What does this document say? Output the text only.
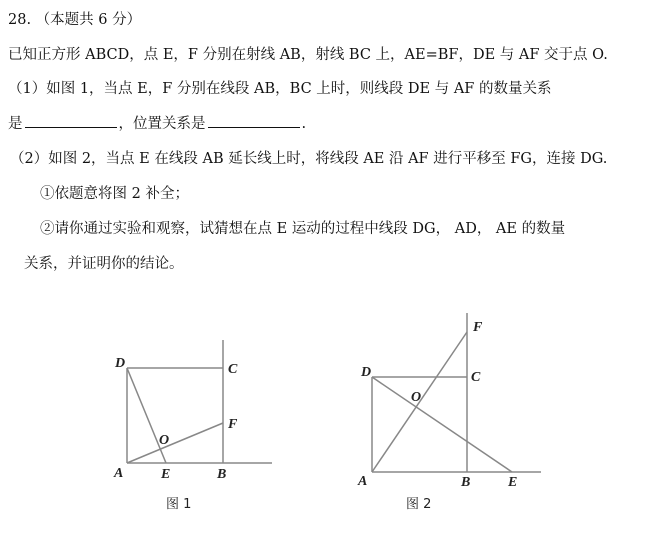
28. （本题共 6 分）
已知正方形 ABCD，点 E，F 分别在射线 AB，射线 BC 上，AE=BF，DE 与 AF 交于点 O.
（1）如图 1，当点 E，F 分别在线段 AB，BC 上时，则线段 DE 与 AF 的数量关系
是	，位置关系是	.
（2）如图 2，当点 E 在线段 AB 延长线上时，将线段 AE 沿 AF 进行平移至 FG，连接 DG.
①依题意将图 2 补全；
②请你通过实验和观察，试猜想在点 E 运动的过程中线段 DG， AD， AE 的数量
关系，并证明你的结论。
D	C
F
O
A	E	B
图 1
F
D	C
O
A	B	E
图 2
